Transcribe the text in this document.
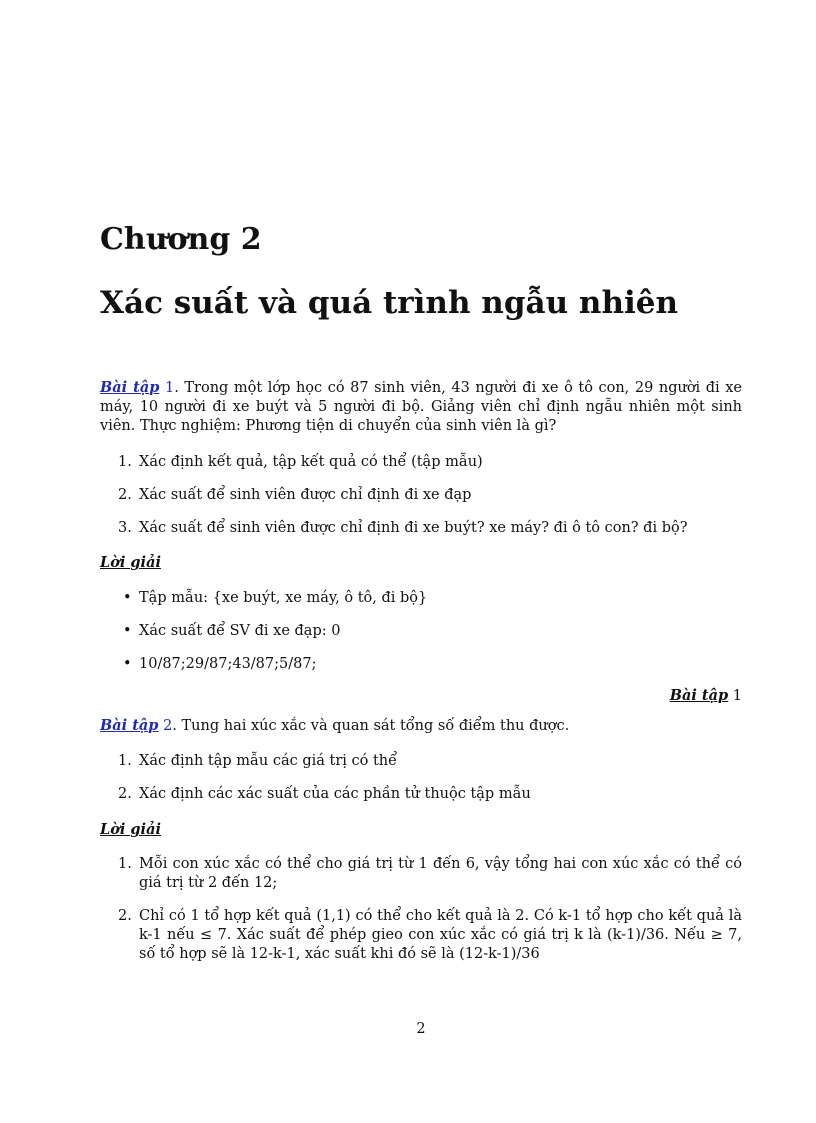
Chương 2
Xác suất và quá trình ngẫu nhiên
Bài tập 1. Trong một lớp học có 87 sinh viên, 43 người đi xe ô tô con, 29 người đi xe máy, 10 người đi xe buýt và 5 người đi bộ. Giảng viên chỉ định ngẫu nhiên một sinh viên. Thực nghiệm: Phương tiện di chuyển của sinh viên là gì?
1. Xác định kết quả, tập kết quả có thể (tập mẫu)
2. Xác suất để sinh viên được chỉ định đi xe đạp
3. Xác suất để sinh viên được chỉ định đi xe buýt? xe máy? đi ô tô con? đi bộ?
Lời giải
• Tập mẫu: {xe buýt, xe máy, ô tô, đi bộ}
• Xác suất để SV đi xe đạp: 0
• 10/87;29/87;43/87;5/87;
Bài tập 1
Bài tập 2. Tung hai xúc xắc và quan sát tổng số điểm thu được.
1. Xác định tập mẫu các giá trị có thể
2. Xác định các xác suất của các phần tử thuộc tập mẫu
Lời giải
1. Mỗi con xúc xắc có thể cho giá trị từ 1 đến 6, vậy tổng hai con xúc xắc có thể có giá trị từ 2 đến 12;
2. Chỉ có 1 tổ hợp kết quả (1,1) có thể cho kết quả là 2. Có k-1 tổ hợp cho kết quả là k-1 nếu ≤ 7. Xác suất để phép gieo con xúc xắc có giá trị k là (k-1)/36. Nếu ≥ 7, số tổ hợp sẽ là 12-k-1, xác suất khi đó sẽ là (12-k-1)/36
2
